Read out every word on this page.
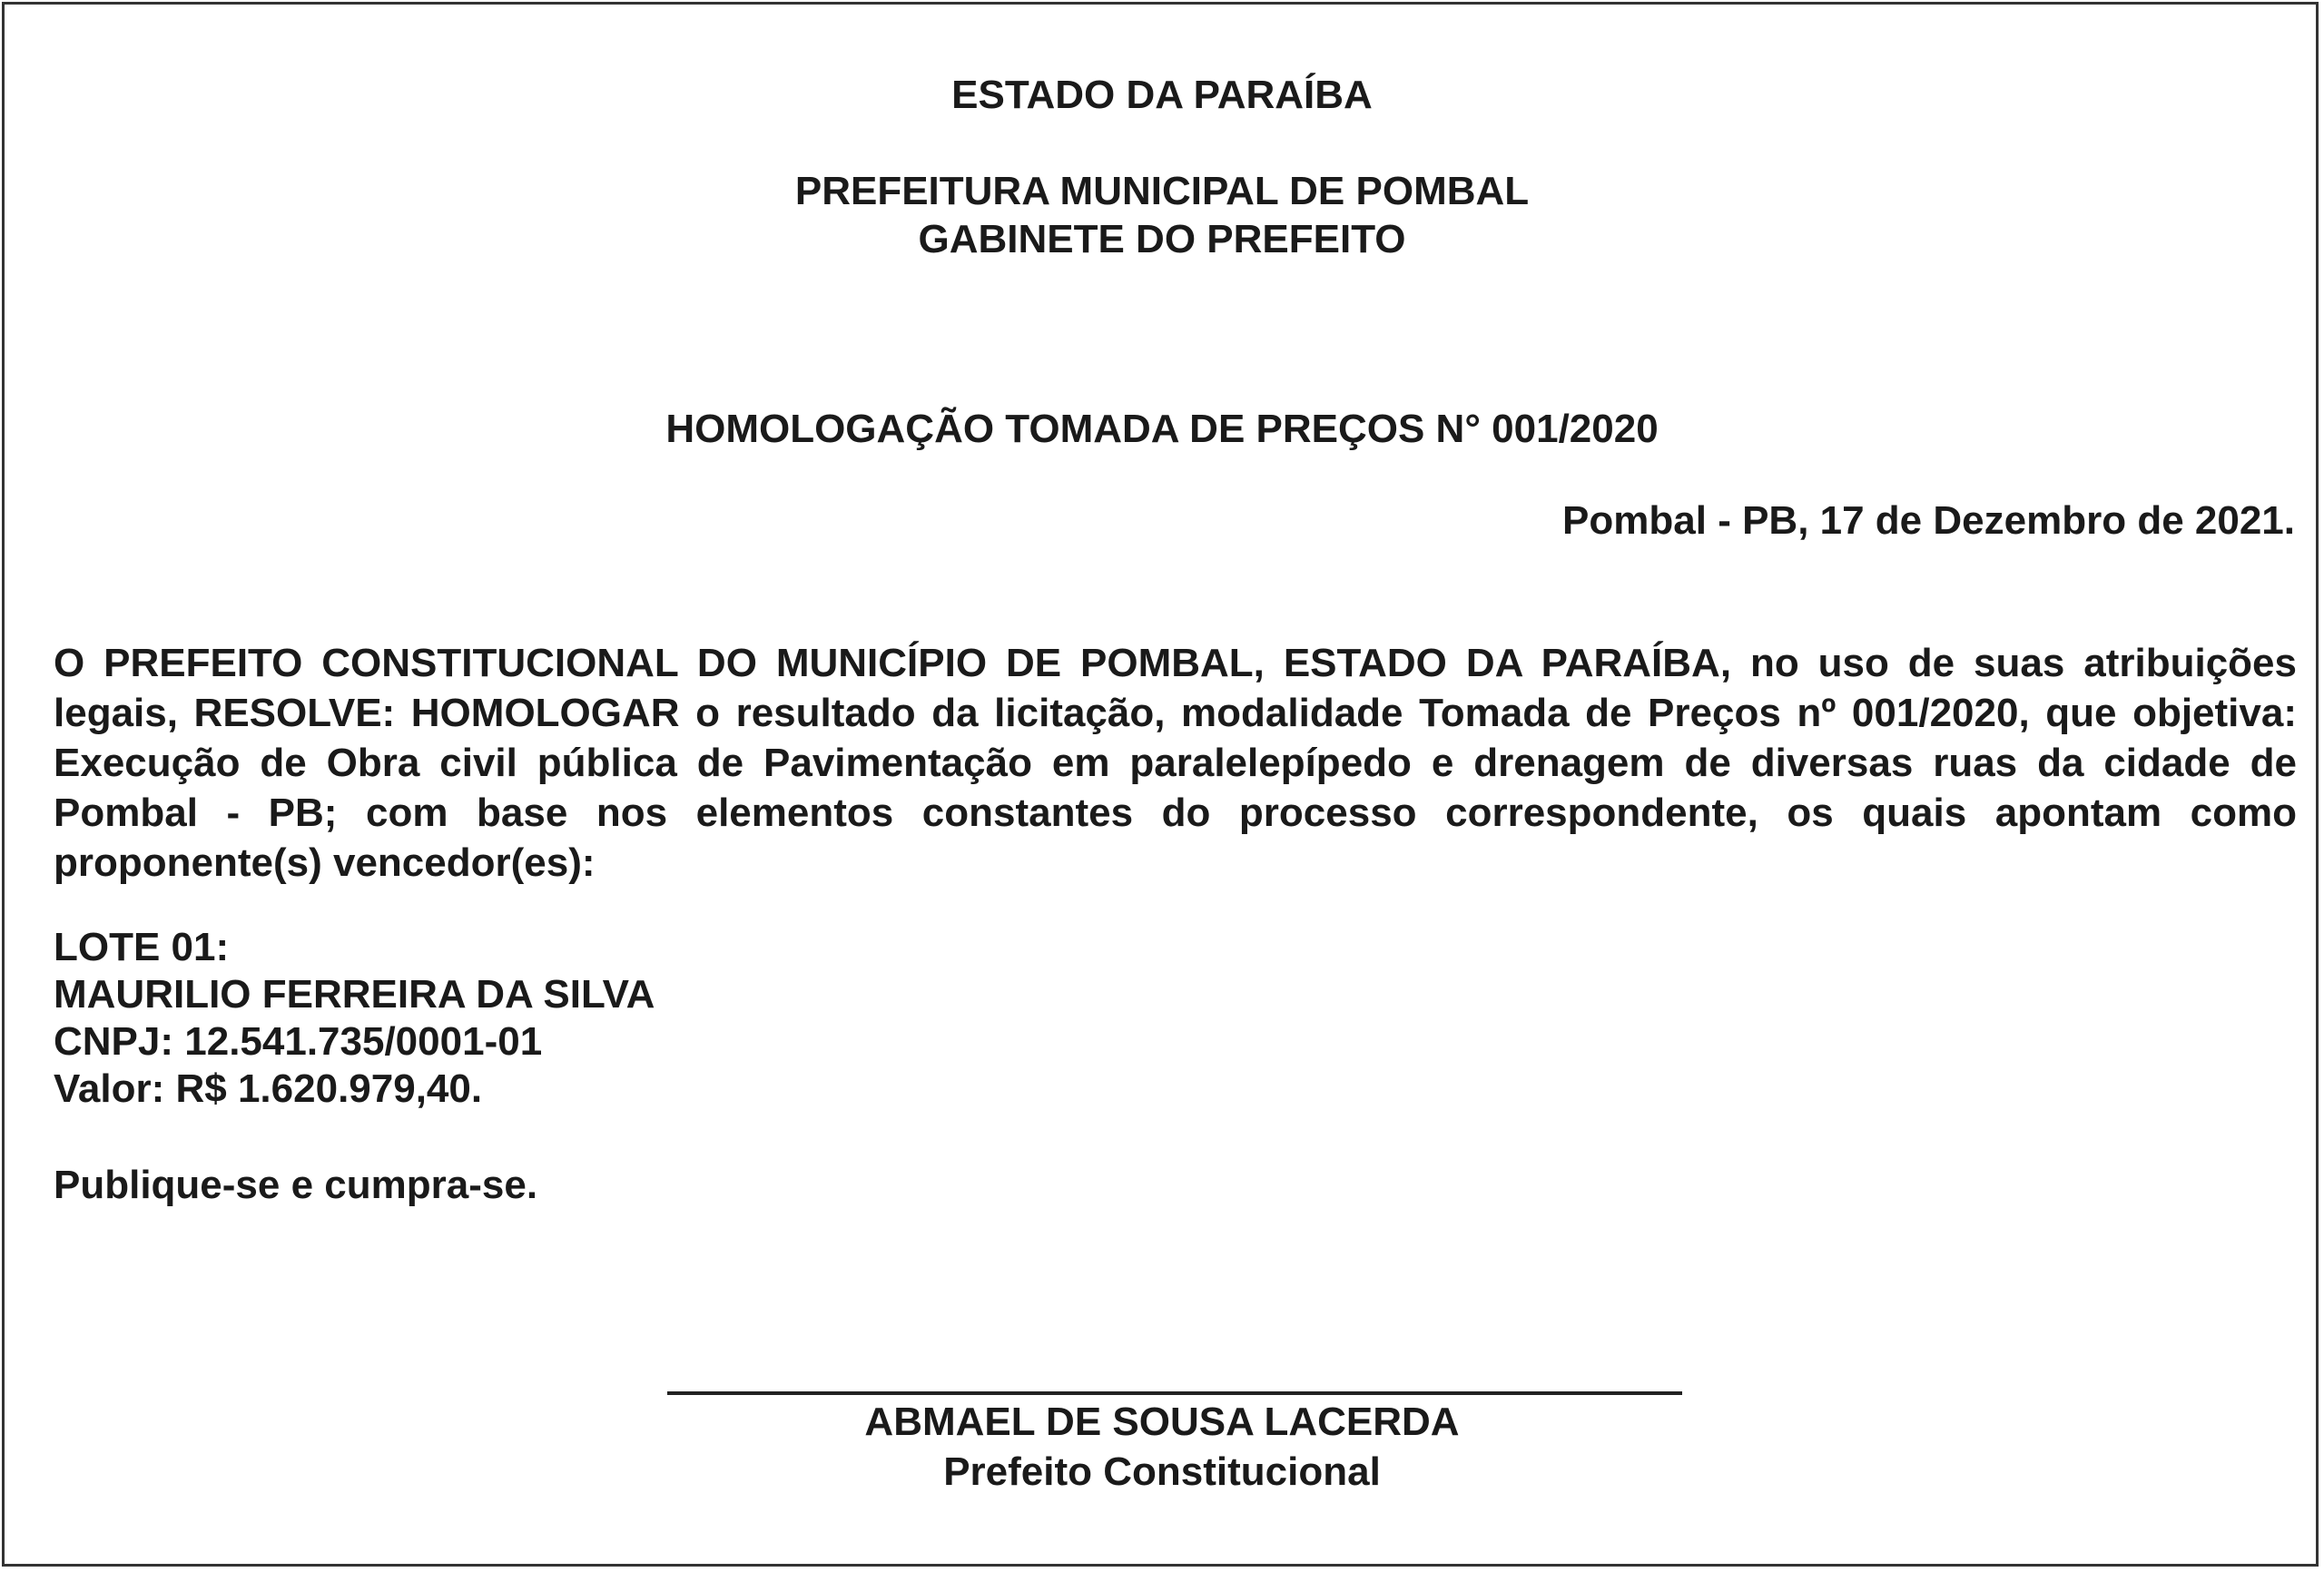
ESTADO DA PARAÍBA
PREFEITURA MUNICIPAL DE POMBAL
GABINETE DO PREFEITO
HOMOLOGAÇÃO TOMADA DE PREÇOS N° 001/2020
Pombal - PB, 17 de Dezembro de 2021.
O PREFEITO CONSTITUCIONAL DO MUNICÍPIO DE POMBAL, ESTADO DA PARAÍBA, no uso de suas atribuições legais, RESOLVE: HOMOLOGAR o resultado da licitação, modalidade Tomada de Preços nº 001/2020, que objetiva: Execução de Obra civil pública de Pavimentação em paralelepípedo e drenagem de diversas ruas da cidade de Pombal - PB; com base nos elementos constantes do processo correspondente, os quais apontam como proponente(s) vencedor(es):
LOTE 01:
MAURILIO FERREIRA DA SILVA
CNPJ: 12.541.735/0001-01
Valor: R$ 1.620.979,40.
Publique-se e cumpra-se.
ABMAEL DE SOUSA LACERDA
Prefeito Constitucional
